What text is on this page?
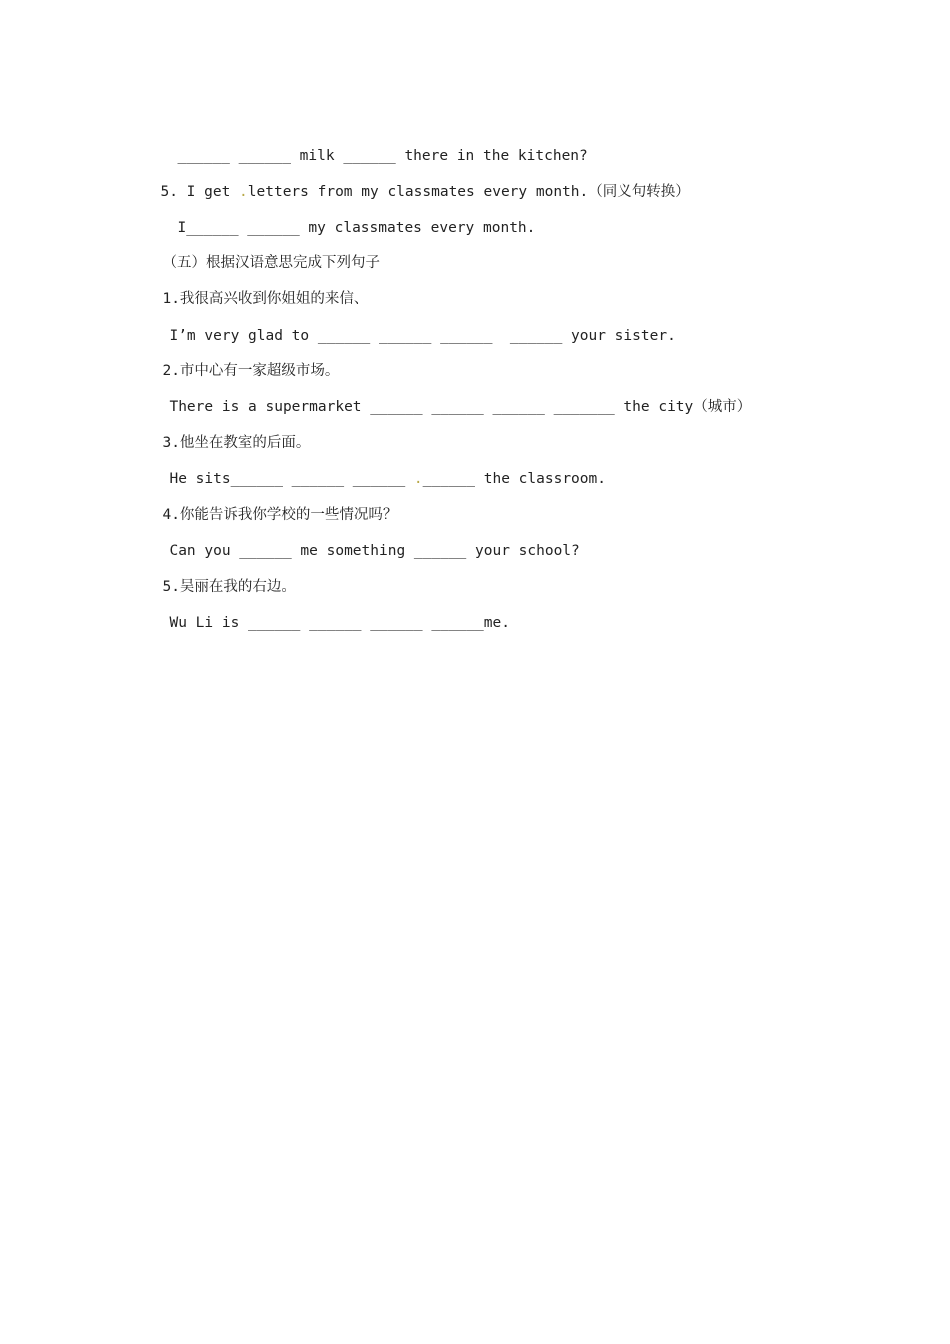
______ ______ milk ______ there in the kitchen?

5. I get .letters from my classmates every month.（同义句转换）

I______ ______ my classmates every month.

（五）根据汉语意思完成下列句子

1.我很高兴收到你姐姐的来信、

I’m very glad to ______ ______ ______  ______ your sister.

2.市中心有一家超级市场。

There is a supermarket ______ ______ ______ _______ the city（城市）

3.他坐在教室的后面。

He sits______ ______ ______ .______ the classroom.

4.你能告诉我你学校的一些情况吗？

Can you ______ me something ______ your school?

5.吴丽在我的右边。

Wu Li is ______ ______ ______ ______me.
